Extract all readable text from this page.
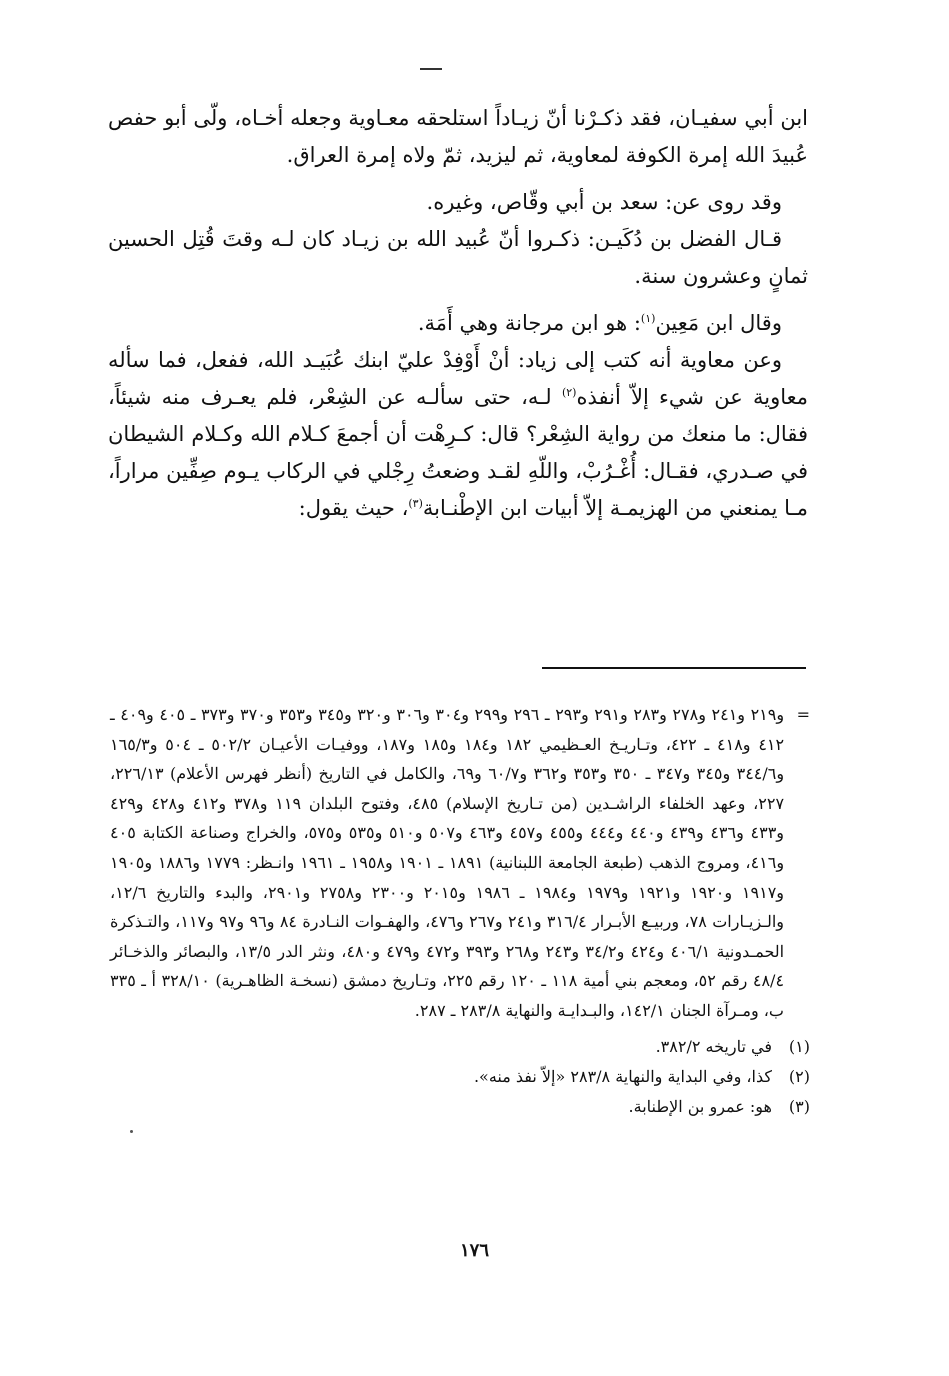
ابن أبي سفيـان، فقد ذكـرْنا أنّ زيـاداً استلحقه معـاوية وجعله أخـاه، ولّى أبو حفص عُبيدَ الله إمرة الكوفة لمعاوية، ثم ليزيد، ثمّ ولاه إمرة العراق.

وقد روى عن: سعد بن أبي وقّاص، وغيره.

قـال الفضل بن دُكَيـن: ذكـروا أنّ عُبيد الله بن زيـاد كان لـه وقتَ قُتِل الحسين ثمانٍ وعشرون سنة.

وقال ابن مَعِين$^{(١)}$: هو ابن مرجانة وهي أَمَة.

وعن معاوية أنه كتب إلى زياد: أنْ أَوْفِدْ عليّ ابنك عُبَيـد الله، ففعل، فما سأله معاوية عن شيء إلاّ أنفذه$^{(٢)}$ لـه، حتى سألـه عن الشِعْر، فلم يعـرف منه شيئاً، فقال: ما منعك من رواية الشِعْر؟ قال: كـرِهْت أن أجمعَ كـلام الله وكـلام الشيطان في صـدري، فقـال: أُغْـرُبْ، واللّهِ لقـد وضعتُ رِجْلي في الركاب يـوم صِفِّين مراراً، مـا يمنعني من الهزيمـة إلاّ أبيات ابن الإطْنـابة$^{(٣)}$، حيث يقول:

=
و٢١٩ و٢٤١ و٢٧٨ و٢٨٣ و٢٩١ و٢٩٣ ـ ٢٩٦ و٢٩٩ و٣٠٤ و٣٠٦ و٣٢٠ و٣٤٥ و٣٥٣ و٣٧٠ و٣٧٣ ـ ٤٠٥ و٤٠٩ ـ ٤١٢ و٤١٨ ـ ٤٢٢، وتـاريـخ العـظيمي ١٨٢ و١٨٤ و١٨٥ و١٨٧، ووفيـات الأعيـان ٥٠٢/٢ ـ ٥٠٤ و١٦٥/٣ و٣٤٤/٦ و٣٤٥ و٣٤٧ ـ ٣٥٠ و٣٥٣ و٣٦٢ و٦٠/٧ و٦٩، والكامل في التاريخ (أنظر فهرس الأعلام) ٢٢٦/١٣، ٢٢٧، وعهد الخلفاء الراشـدين (من تـاريخ الإسلام) ٤٨٥، وفتوح البلدان ١١٩ و٣٧٨ و٤١٢ و٤٢٨ و٤٢٩ و٤٣٣ و٤٣٦ و٤٣٩ و٤٤٠ و٤٤٤ و٤٥٥ و٤٥٧ و٤٦٣ و٥٠٧ و٥١٠ و٥٣٥ و٥٧٥، والخراج وصناعة الكتابة ٤٠٥ و٤١٦، ومروج الذهب (طبعة الجامعة اللبنانية) ١٨٩١ ـ ١٩٠١ و١٩٥٨ ـ ١٩٦١ وانـظر: ١٧٧٩ و١٨٨٦ و١٩٠٥ و١٩١٧ و١٩٢٠ و١٩٢١ و١٩٧٩ و١٩٨٤ ـ ١٩٨٦ و٢٠١٥ و٢٣٠٠ و٢٧٥٨ و٢٩٠١، والبدء والتاريخ ١٢/٦، والـزيـارات ٧٨، وربيـع الأبـرار ٣١٦/٤ و٢٤١ و٢٦٧ و٤٧٦، والهفـوات النـادرة ٨٤ و٩٦ و٩٧ و١١٧، والتـذكرة الحمـدونية ٤٠٦/١ و٤٢٤ و٣٤/٢ و٢٤٣ و٢٦٨ و٣٩٣ و٤٧٢ و٤٧٩ و٤٨٠، ونثر الدر ١٣/٥، والبصائر والذخـائر ٤٨/٤ رقم ٥٢، ومعجم بني أمية ١١٨ ـ ١٢٠ رقم ٢٢٥، وتـاريخ دمشق (نسخـة الظاهـرية) ٣٢٨/١٠ أ ـ ٣٣٥ ب، ومـرآة الجنان ١٤٢/١، والبـدايـة والنهاية ٢٨٣/٨ ـ ٢٨٧.

(١)
في تاريخه ٣٨٢/٢.
(٢)
كذا، وفي البداية والنهاية ٢٨٣/٨ «إلاّ نفذ منه».
(٣)
هو: عمرو بن الإطنابة.
١٧٦
